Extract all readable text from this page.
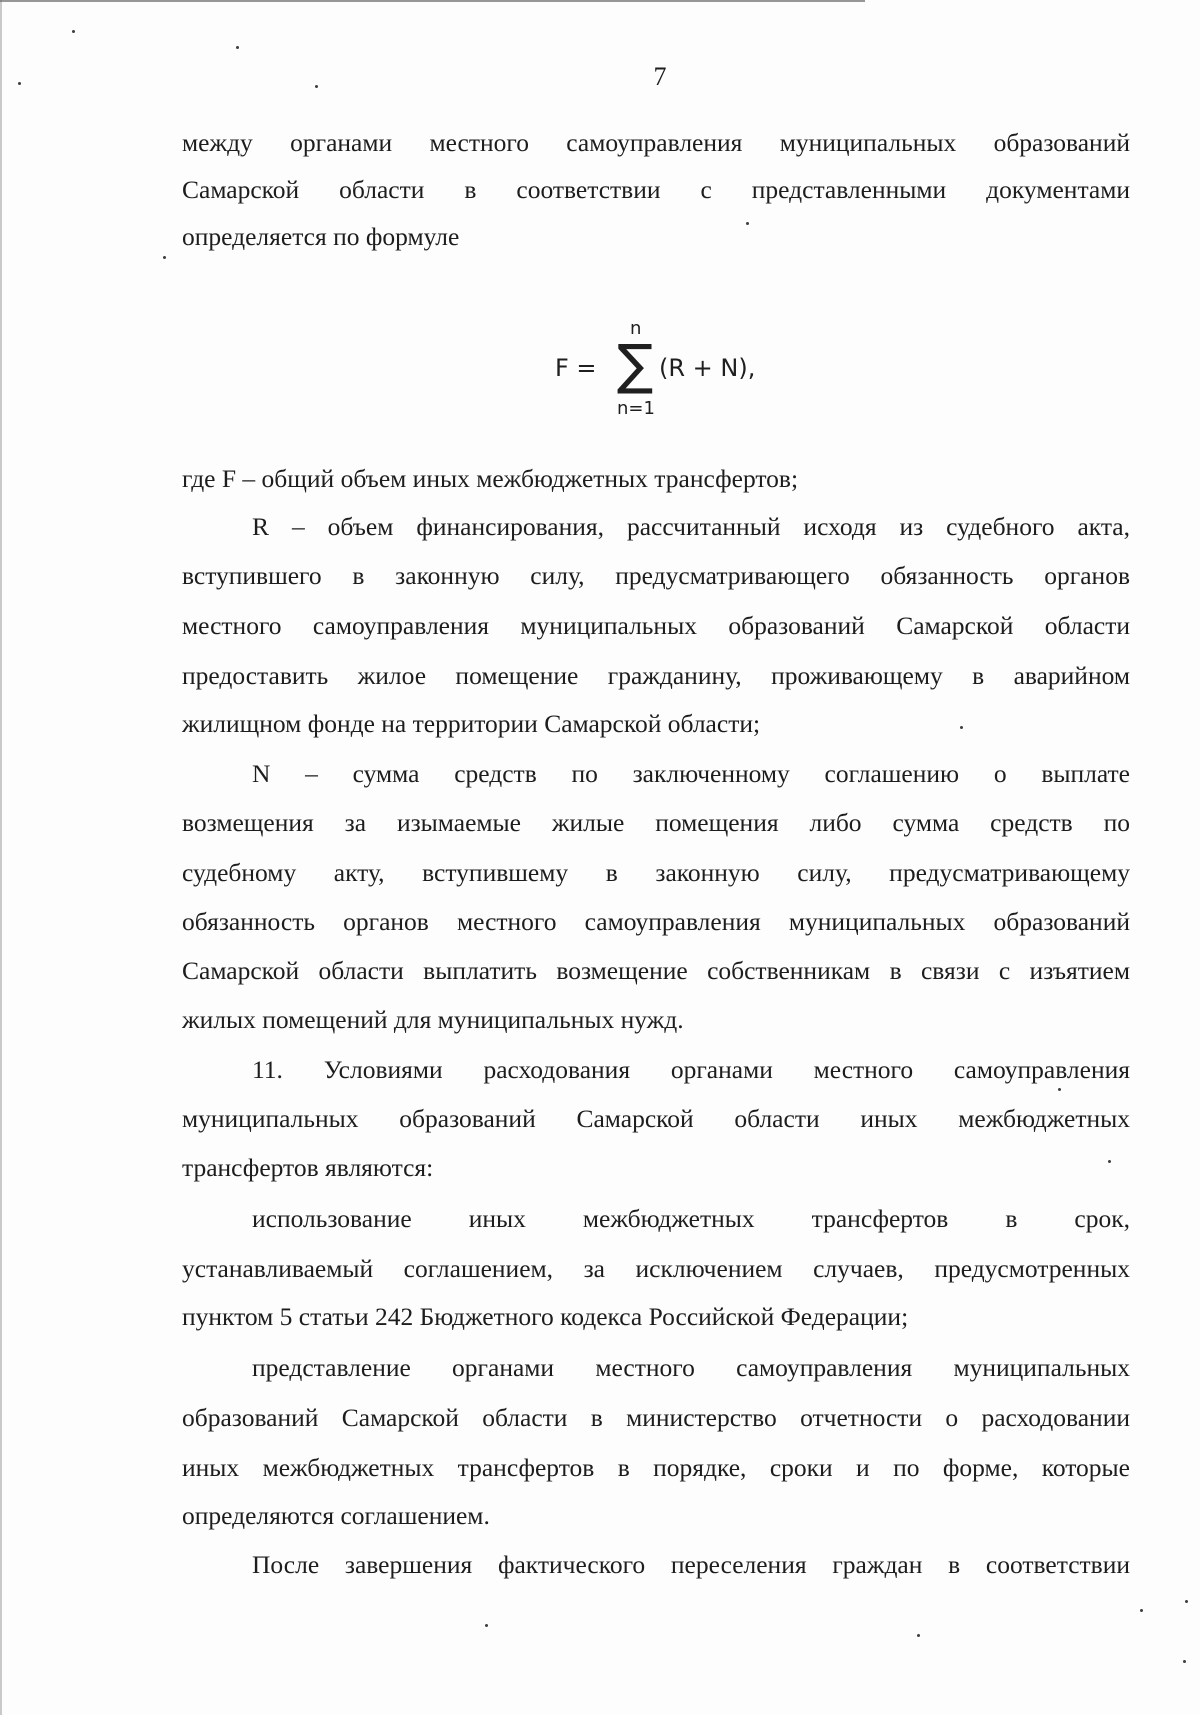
7
между органами местного самоуправления муниципальных образований
Самарской области в соответствии с представленными документами
определяется по формуле
F =
n
∑
n=1
(R + N),
где F – общий объем иных межбюджетных трансфертов;
R – объем финансирования, рассчитанный исходя из судебного акта,
вступившего в законную силу, предусматривающего обязанность органов
местного самоуправления муниципальных образований Самарской области
предоставить жилое помещение гражданину, проживающему в аварийном
жилищном фонде на территории Самарской области;
N – сумма средств по заключенному соглашению о выплате
возмещения за изымаемые жилые помещения либо сумма средств по
судебному акту, вступившему в законную силу, предусматривающему
обязанность органов местного самоуправления муниципальных образований
Самарской области выплатить возмещение собственникам в связи с изъятием
жилых помещений для муниципальных нужд.
11. Условиями расходования органами местного самоуправления
муниципальных образований Самарской области иных межбюджетных
трансфертов являются:
использование иных межбюджетных трансфертов в срок,
устанавливаемый соглашением, за исключением случаев, предусмотренных
пунктом 5 статьи 242 Бюджетного кодекса Российской Федерации;
представление органами местного самоуправления муниципальных
образований Самарской области в министерство отчетности о расходовании
иных межбюджетных трансфертов в порядке, сроки и по форме, которые
определяются соглашением.
После завершения фактического переселения граждан в соответствии
